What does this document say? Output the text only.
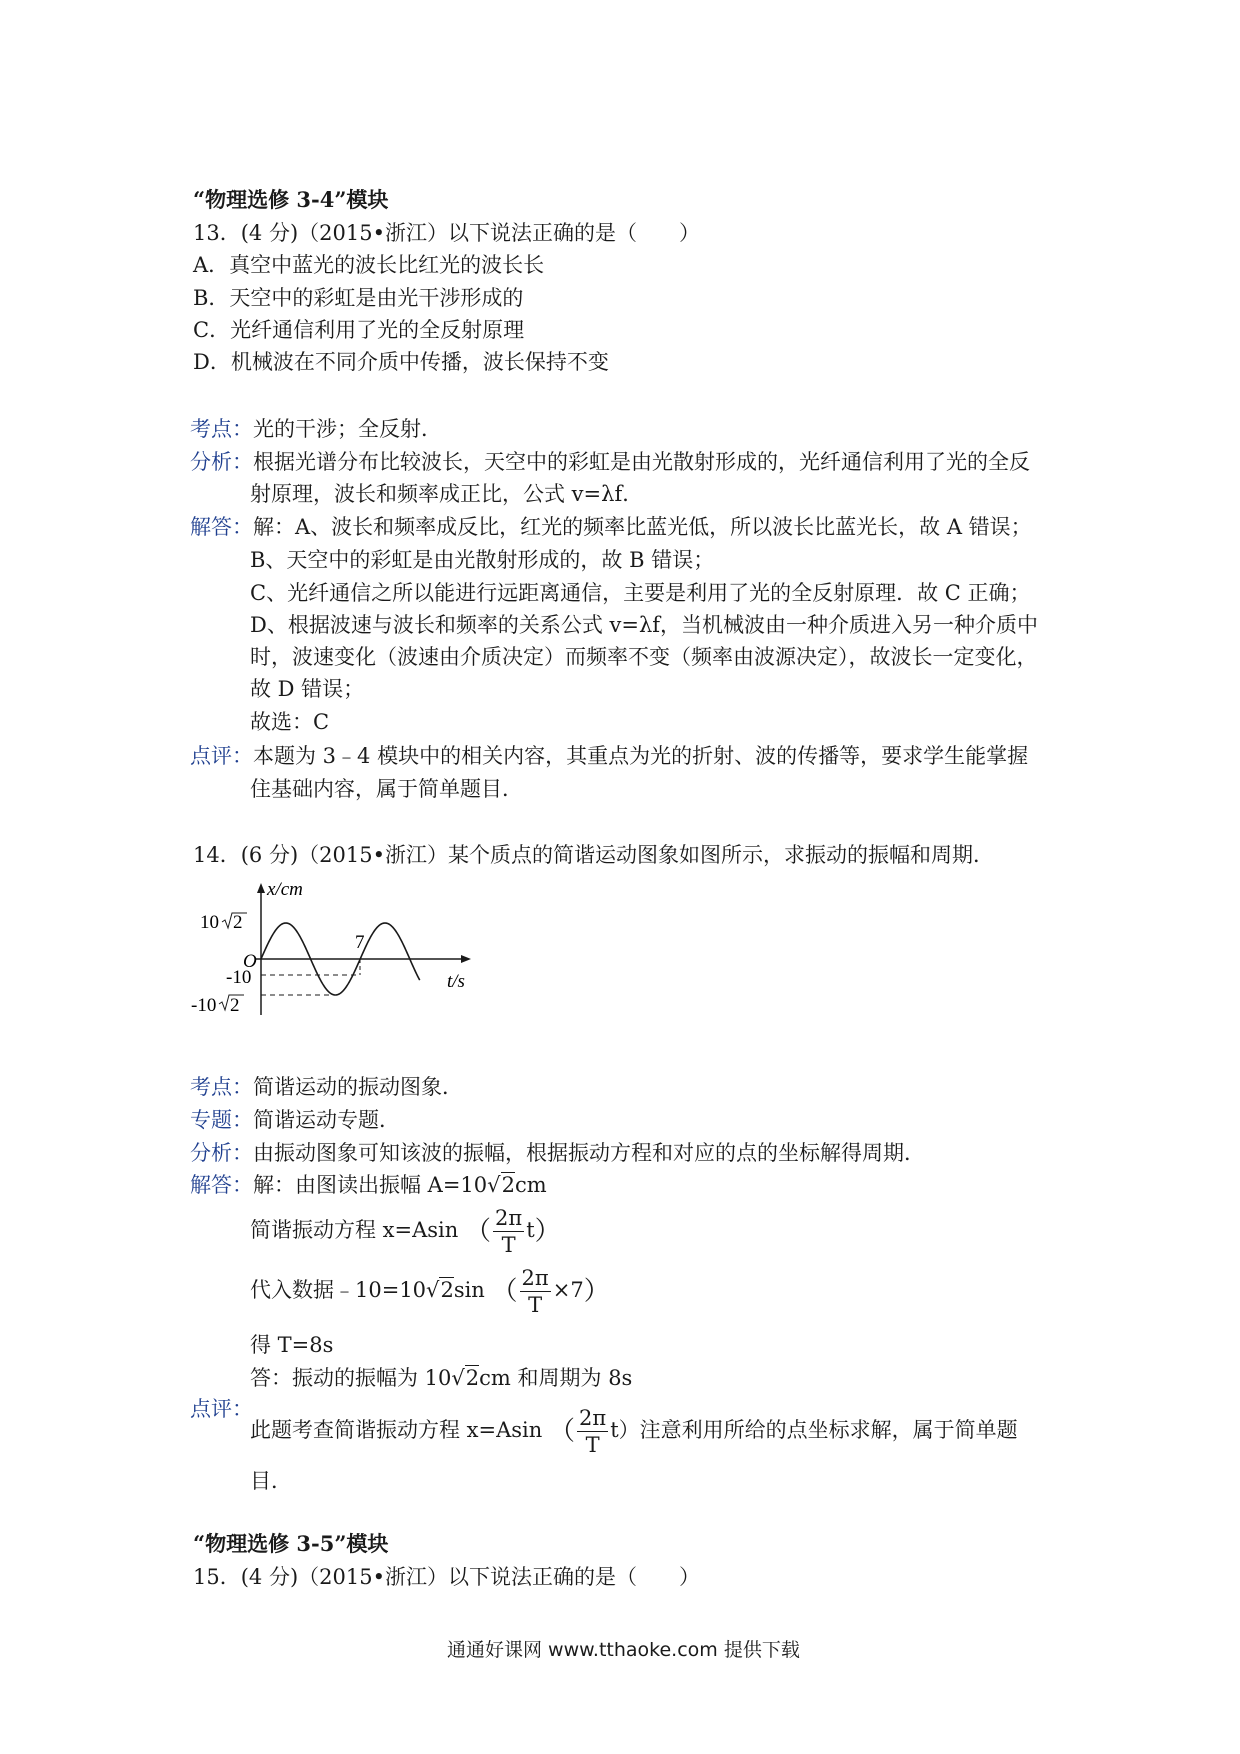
“物理选修 3-4”模块
13．(4 分)（2015•浙江）以下说法正确的是（　　）
A．真空中蓝光的波长比红光的波长长
B．天空中的彩虹是由光干涉形成的
C．光纤通信利用了光的全反射原理
D．机械波在不同介质中传播，波长保持不变
考点：光的干涉；全反射．
分析：根据光谱分布比较波长，天空中的彩虹是由光散射形成的，光纤通信利用了光的全反
射原理，波长和频率成正比，公式 v=λf．
解答：解：A、波长和频率成反比，红光的频率比蓝光低，所以波长比蓝光长，故 A 错误；
B、天空中的彩虹是由光散射形成的，故 B 错误；
C、光纤通信之所以能进行远距离通信，主要是利用了光的全反射原理．故 C 正确；
D、根据波速与波长和频率的关系公式 v=λf，当机械波由一种介质进入另一种介质中
时，波速变化（波速由介质决定）而频率不变（频率由波源决定），故波长一定变化，
故 D 错误；
故选：C
点评：本题为 3﹣4 模块中的相关内容，其重点为光的折射、波的传播等，要求学生能掌握
住基础内容，属于简单题目．
14．(6 分)（2015•浙江）某个质点的简谐运动图象如图所示，求振动的振幅和周期．
x/cm
t/s
O
10 2
-10
-10 2
7
考点：简谐运动的振动图象．
专题：简谐运动专题．
分析：由振动图象可知该波的振幅，根据振动方程和对应的点的坐标解得周期．
解答：解：由图读出振幅 A=10√2cm
简谐振动方程 x=Asin （ $\frac{2\pi}{T} t$）
代入数据﹣10=10√2sin （ $\frac{2\pi}{T} \times 7$）
得 T=8s
答：振动的振幅为 10√2cm 和周期为 8s
点评：
此题考查简谐振动方程 x=Asin （ $\frac{2\pi}{T} t$）注意利用所给的点坐标求解，属于简单题
目．
“物理选修 3-5”模块
15．(4 分)（2015•浙江）以下说法正确的是（　　）
通通好课网 www.tthaoke.com 提供下载
